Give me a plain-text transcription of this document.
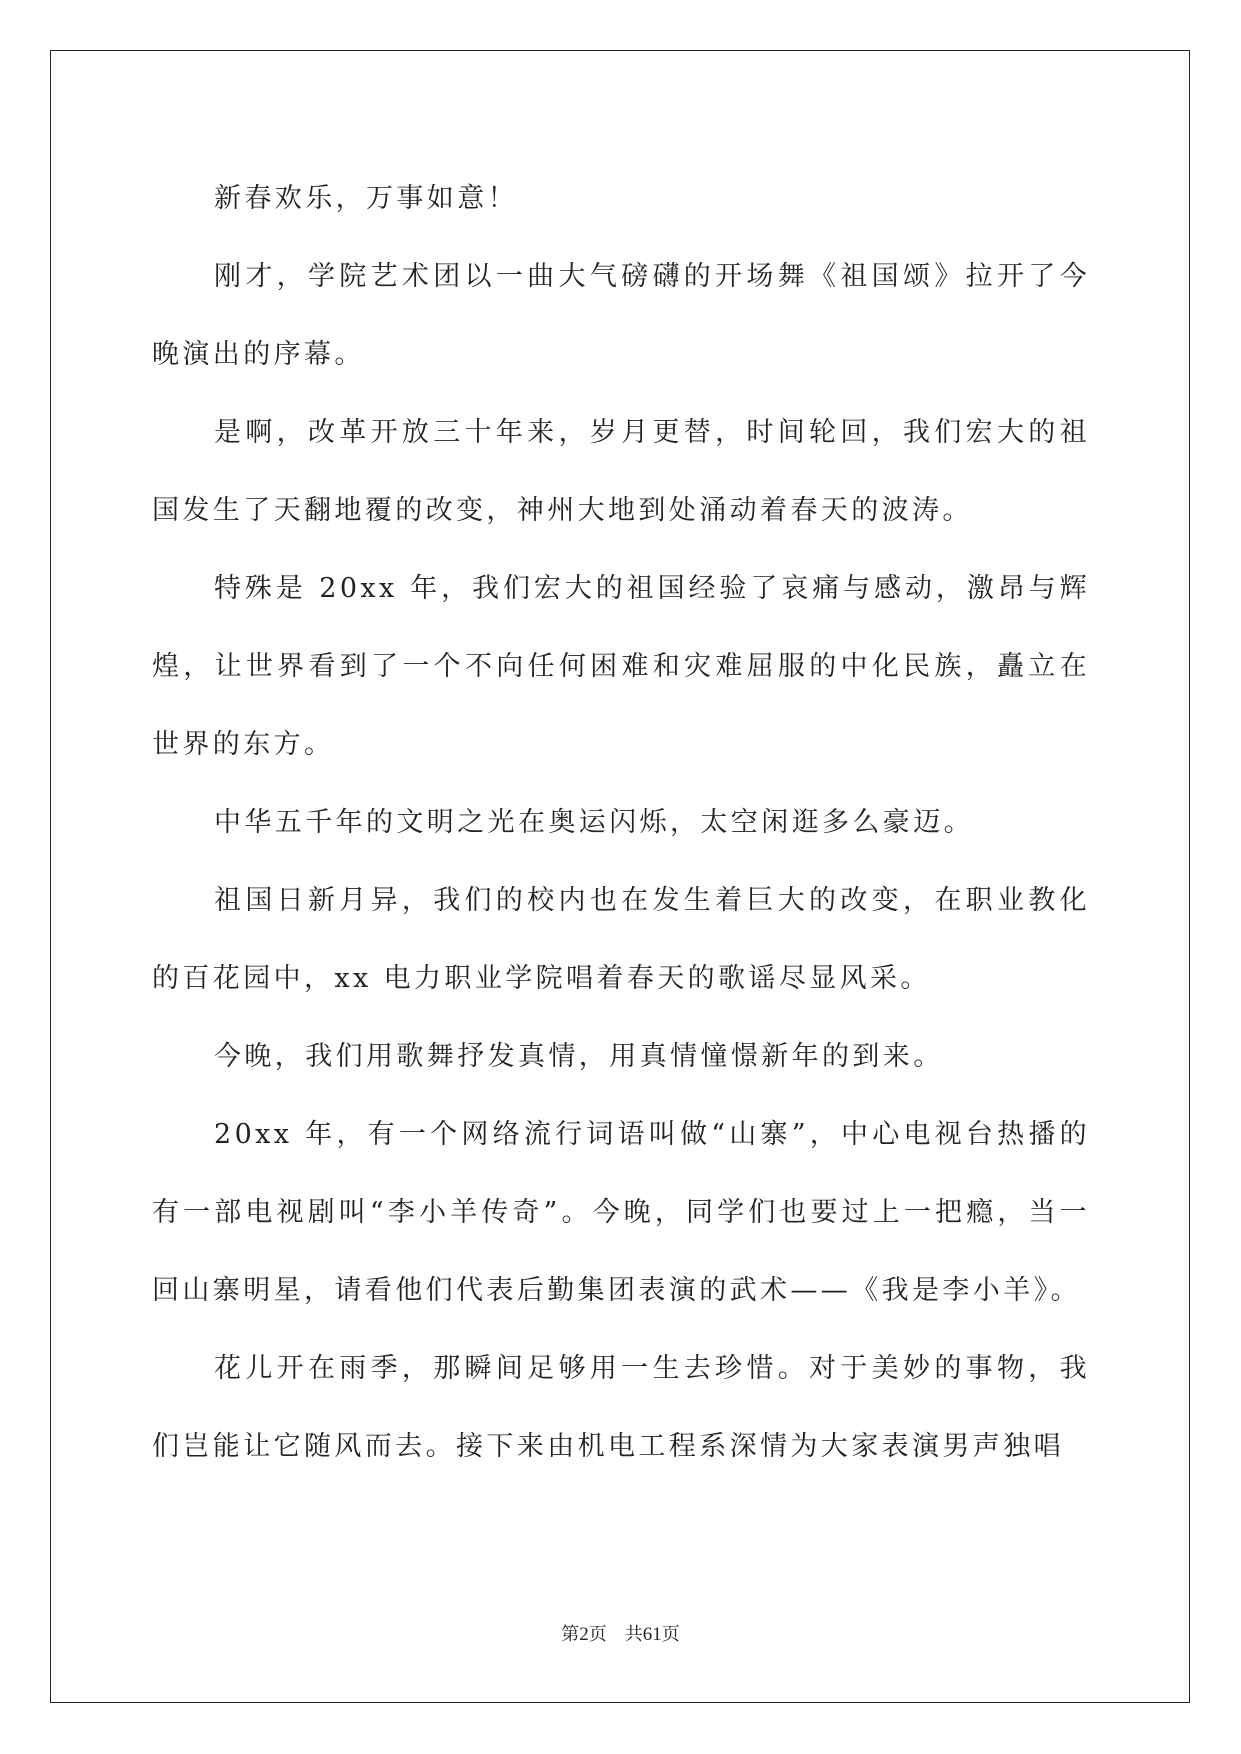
新春欢乐，万事如意！

刚才，学院艺术团以一曲大气磅礴的开场舞《祖国颂》拉开了今晚演出的序幕。

是啊，改革开放三十年来，岁月更替，时间轮回，我们宏大的祖国发生了天翻地覆的改变，神州大地到处涌动着春天的波涛。

特殊是 20xx 年，我们宏大的祖国经验了哀痛与感动，激昂与辉煌，让世界看到了一个不向任何困难和灾难屈服的中化民族，矗立在世界的东方。

中华五千年的文明之光在奥运闪烁，太空闲逛多么豪迈。

祖国日新月异，我们的校内也在发生着巨大的改变，在职业教化的百花园中，xx 电力职业学院唱着春天的歌谣尽显风采。

今晚，我们用歌舞抒发真情，用真情憧憬新年的到来。

20xx 年，有一个网络流行词语叫做“山寨”，中心电视台热播的有一部电视剧叫“李小羊传奇”。今晚，同学们也要过上一把瘾，当一回山寨明星，请看他们代表后勤集团表演的武术——《我是李小羊》。

花儿开在雨季，那瞬间足够用一生去珍惜。对于美妙的事物，我们岂能让它随风而去。接下来由机电工程系深情为大家表演男声独唱

第2页 共61页
